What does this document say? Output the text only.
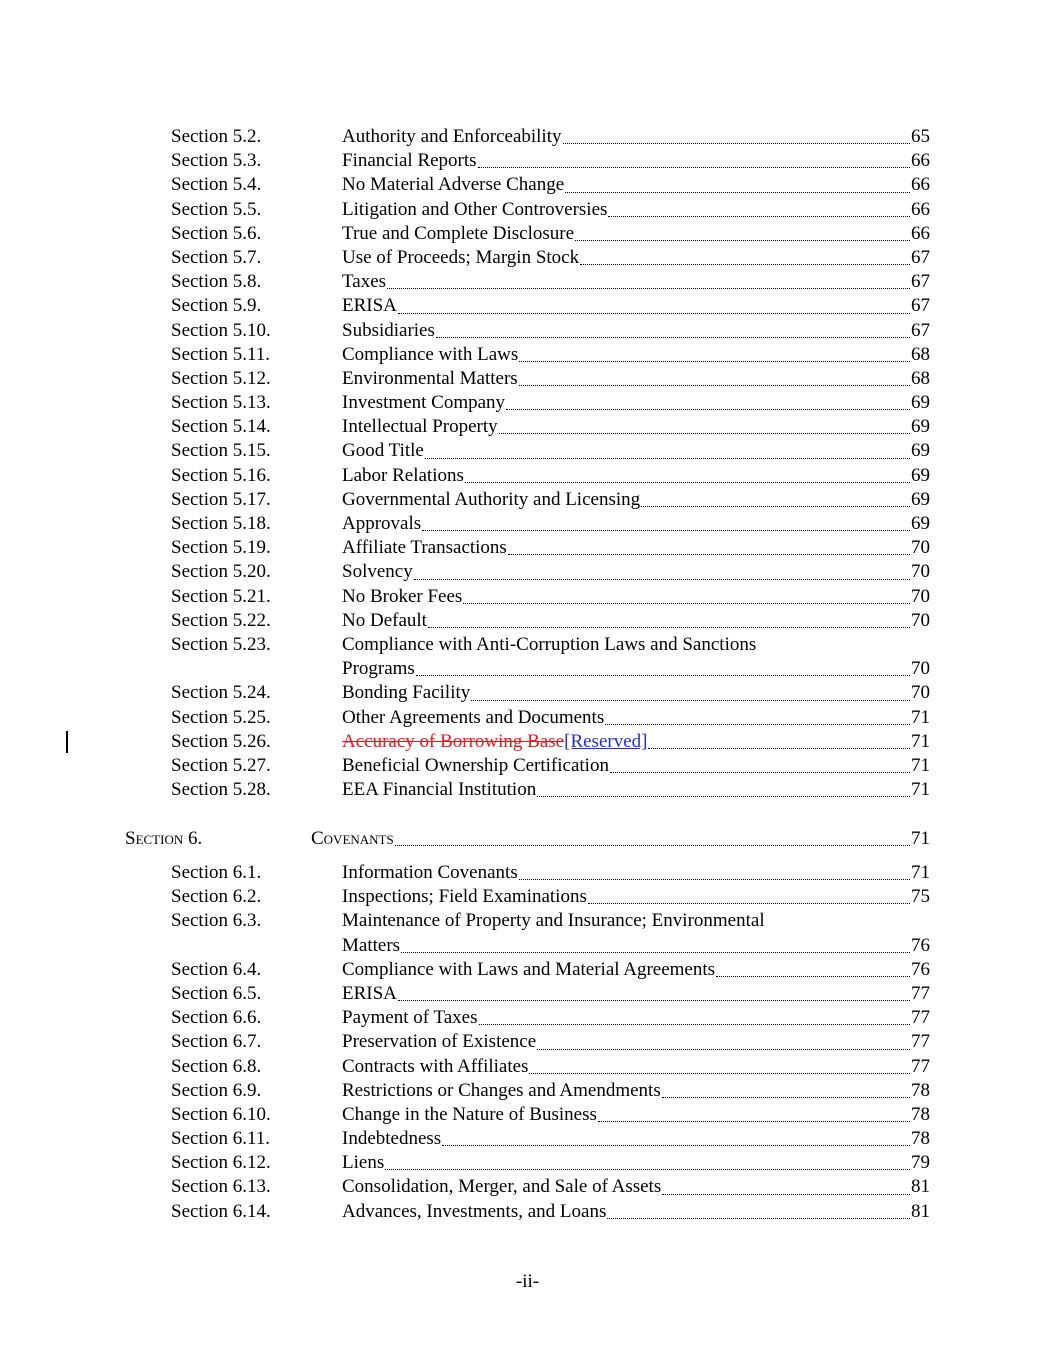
Section 5.2.	Authority and Enforceability	65
Section 5.3.	Financial Reports	66
Section 5.4.	No Material Adverse Change	66
Section 5.5.	Litigation and Other Controversies	66
Section 5.6.	True and Complete Disclosure	66
Section 5.7.	Use of Proceeds; Margin Stock	67
Section 5.8.	Taxes	67
Section 5.9.	ERISA	67
Section 5.10.	Subsidiaries	67
Section 5.11.	Compliance with Laws	68
Section 5.12.	Environmental Matters	68
Section 5.13.	Investment Company	69
Section 5.14.	Intellectual Property	69
Section 5.15.	Good Title	69
Section 5.16.	Labor Relations	69
Section 5.17.	Governmental Authority and Licensing	69
Section 5.18.	Approvals	69
Section 5.19.	Affiliate Transactions	70
Section 5.20.	Solvency	70
Section 5.21.	No Broker Fees	70
Section 5.22.	No Default	70
Section 5.23.	Compliance with Anti-Corruption Laws and Sanctions
Programs	70
Section 5.24.	Bonding Facility	70
Section 5.25.	Other Agreements and Documents	71
Section 5.26.	Accuracy of Borrowing Base[Reserved]	71
Section 5.27.	Beneficial Ownership Certification	71
Section 5.28.	EEA Financial Institution	71
Section 6.	Covenants	71
Section 6.1.	Information Covenants	71
Section 6.2.	Inspections; Field Examinations	75
Section 6.3.	Maintenance of Property and Insurance; Environmental
Matters	76
Section 6.4.	Compliance with Laws and Material Agreements	76
Section 6.5.	ERISA	77
Section 6.6.	Payment of Taxes	77
Section 6.7.	Preservation of Existence	77
Section 6.8.	Contracts with Affiliates	77
Section 6.9.	Restrictions or Changes and Amendments	78
Section 6.10.	Change in the Nature of Business	78
Section 6.11.	Indebtedness	78
Section 6.12.	Liens	79
Section 6.13.	Consolidation, Merger, and Sale of Assets	81
Section 6.14.	Advances, Investments, and Loans	81
-ii-
